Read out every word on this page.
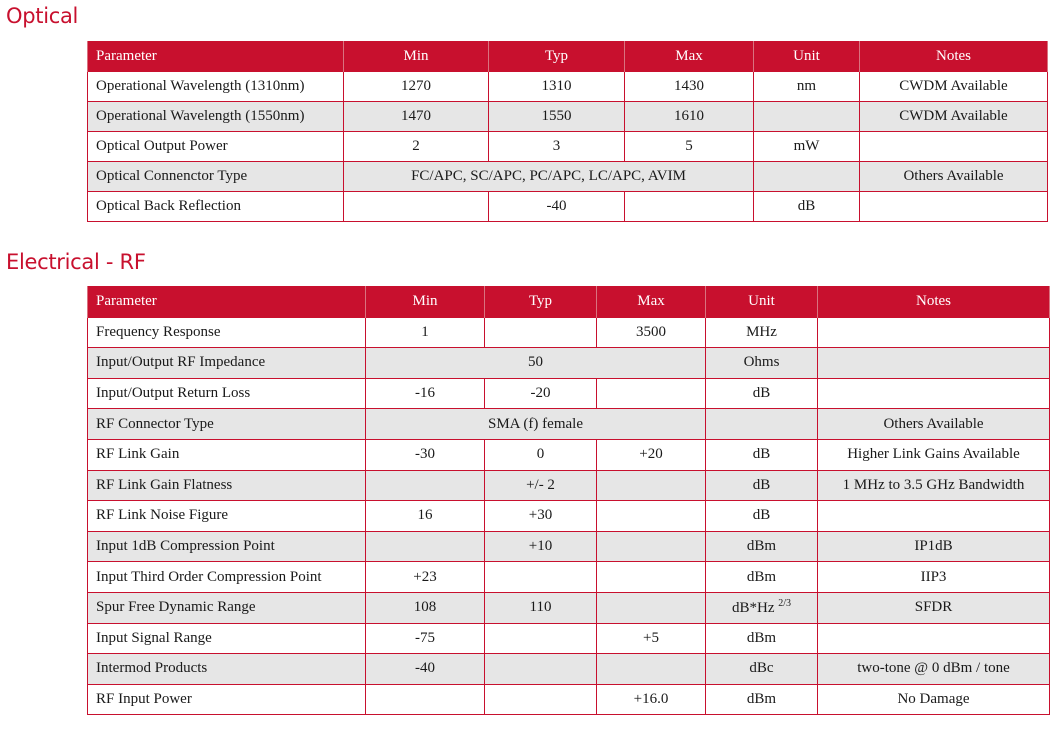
Optical
Parameter	Min	Typ	Max	Unit	Notes
Operational Wavelength (1310nm)	1270	1310	1430	nm	CWDM Available
Operational Wavelength (1550nm)	1470	1550	1610		CWDM Available
Optical Output Power	2	3	5	mW	
Optical Connenctor Type	FC/APC, SC/APC, PC/APC, LC/APC, AVIM				Others Available
Optical Back Reflection		-40		dB	
Electrical - RF
Parameter	Min	Typ	Max	Unit	Notes
Frequency Response	1		3500	MHz	
Input/Output RF Impedance	50			Ohms	
Input/Output Return Loss	-16	-20		dB	
RF Connector Type	SMA (f) female				Others Available
RF Link Gain	-30	0	+20	dB	Higher Link Gains Available
RF Link Gain Flatness		+/- 2		dB	1 MHz to 3.5 GHz Bandwidth
RF Link Noise Figure	16	+30		dB	
Input 1dB Compression Point		+10		dBm	IP1dB
Input Third Order Compression Point	+23			dBm	IIP3
Spur Free Dynamic Range	108	110		dB*Hz $^{2/3}$	SFDR
Input Signal Range	-75		+5	dBm	
Intermod Products	-40			dBc	two-tone @ 0 dBm / tone
RF Input Power			+16.0	dBm	No Damage
